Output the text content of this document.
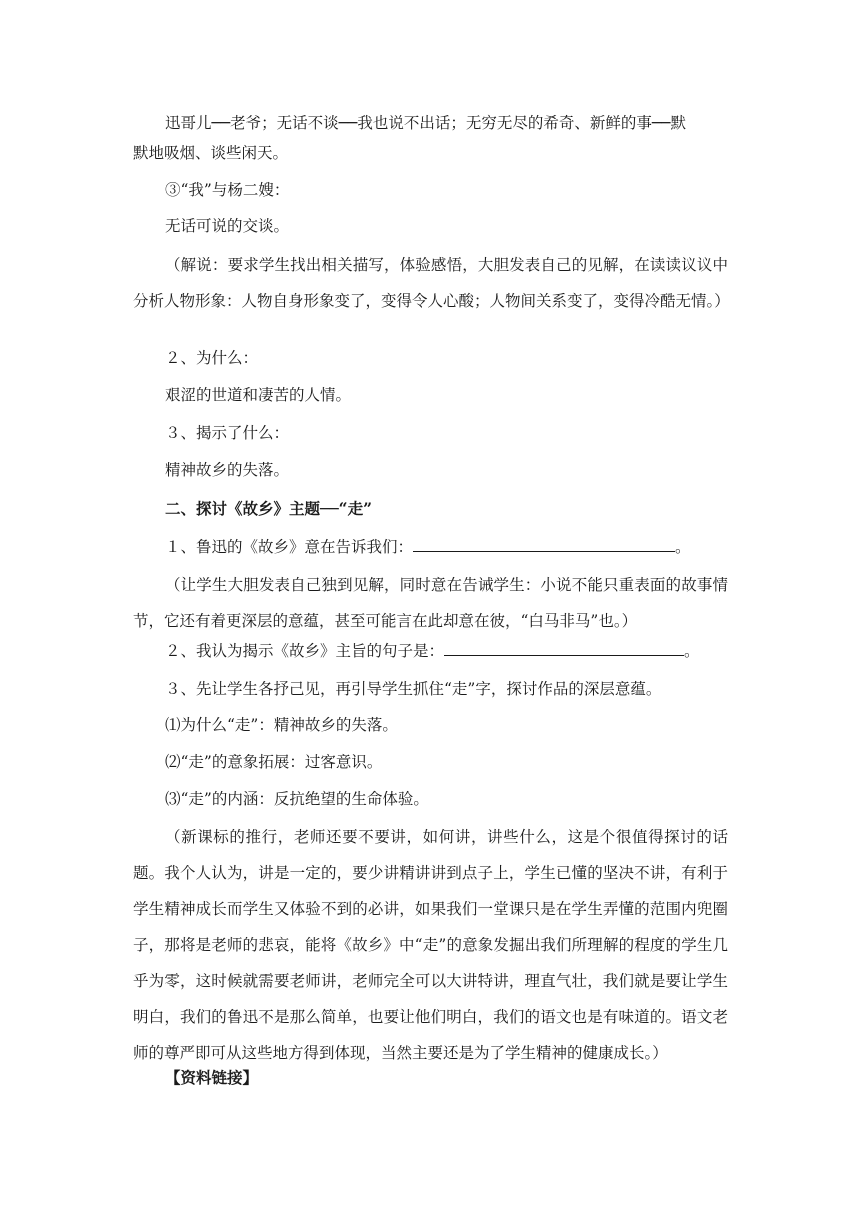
迅哥儿──老爷；无话不谈──我也说不出话；无穷无尽的希奇、新鲜的事──默
默地吸烟、谈些闲天。
③“我”与杨二嫂：
无话可说的交谈。
（解说：要求学生找出相关描写，体验感悟，大胆发表自己的见解，在读读议议中分析人物形象：人物自身形象变了，变得令人心酸；人物间关系变了，变得冷酷无情。）
２、为什么：
艰涩的世道和凄苦的人情。
３、揭示了什么：
精神故乡的失落。
二、探讨《故乡》主题──“走”
１、鲁迅的《故乡》意在告诉我们：	。
（让学生大胆发表自己独到见解，同时意在告诫学生：小说不能只重表面的故事情节，它还有着更深层的意蕴，甚至可能言在此却意在彼，“白马非马”也。）
２、我认为揭示《故乡》主旨的句子是：	。
３、先让学生各抒己见，再引导学生抓住“走”字，探讨作品的深层意蕴。
⑴为什么“走”：精神故乡的失落。
⑵“走”的意象拓展：过客意识。
⑶“走”的内涵：反抗绝望的生命体验。
（新课标的推行，老师还要不要讲，如何讲，讲些什么，这是个很值得探讨的话题。我个人认为，讲是一定的，要少讲精讲讲到点子上，学生已懂的坚决不讲，有利于学生精神成长而学生又体验不到的必讲，如果我们一堂课只是在学生弄懂的范围内兜圈子，那将是老师的悲哀，能将《故乡》中“走”的意象发掘出我们所理解的程度的学生几乎为零，这时候就需要老师讲，老师完全可以大讲特讲，理直气壮，我们就是要让学生明白，我们的鲁迅不是那么简单，也要让他们明白，我们的语文也是有味道的。语文老师的尊严即可从这些地方得到体现，当然主要还是为了学生精神的健康成长。）
【资料链接】
